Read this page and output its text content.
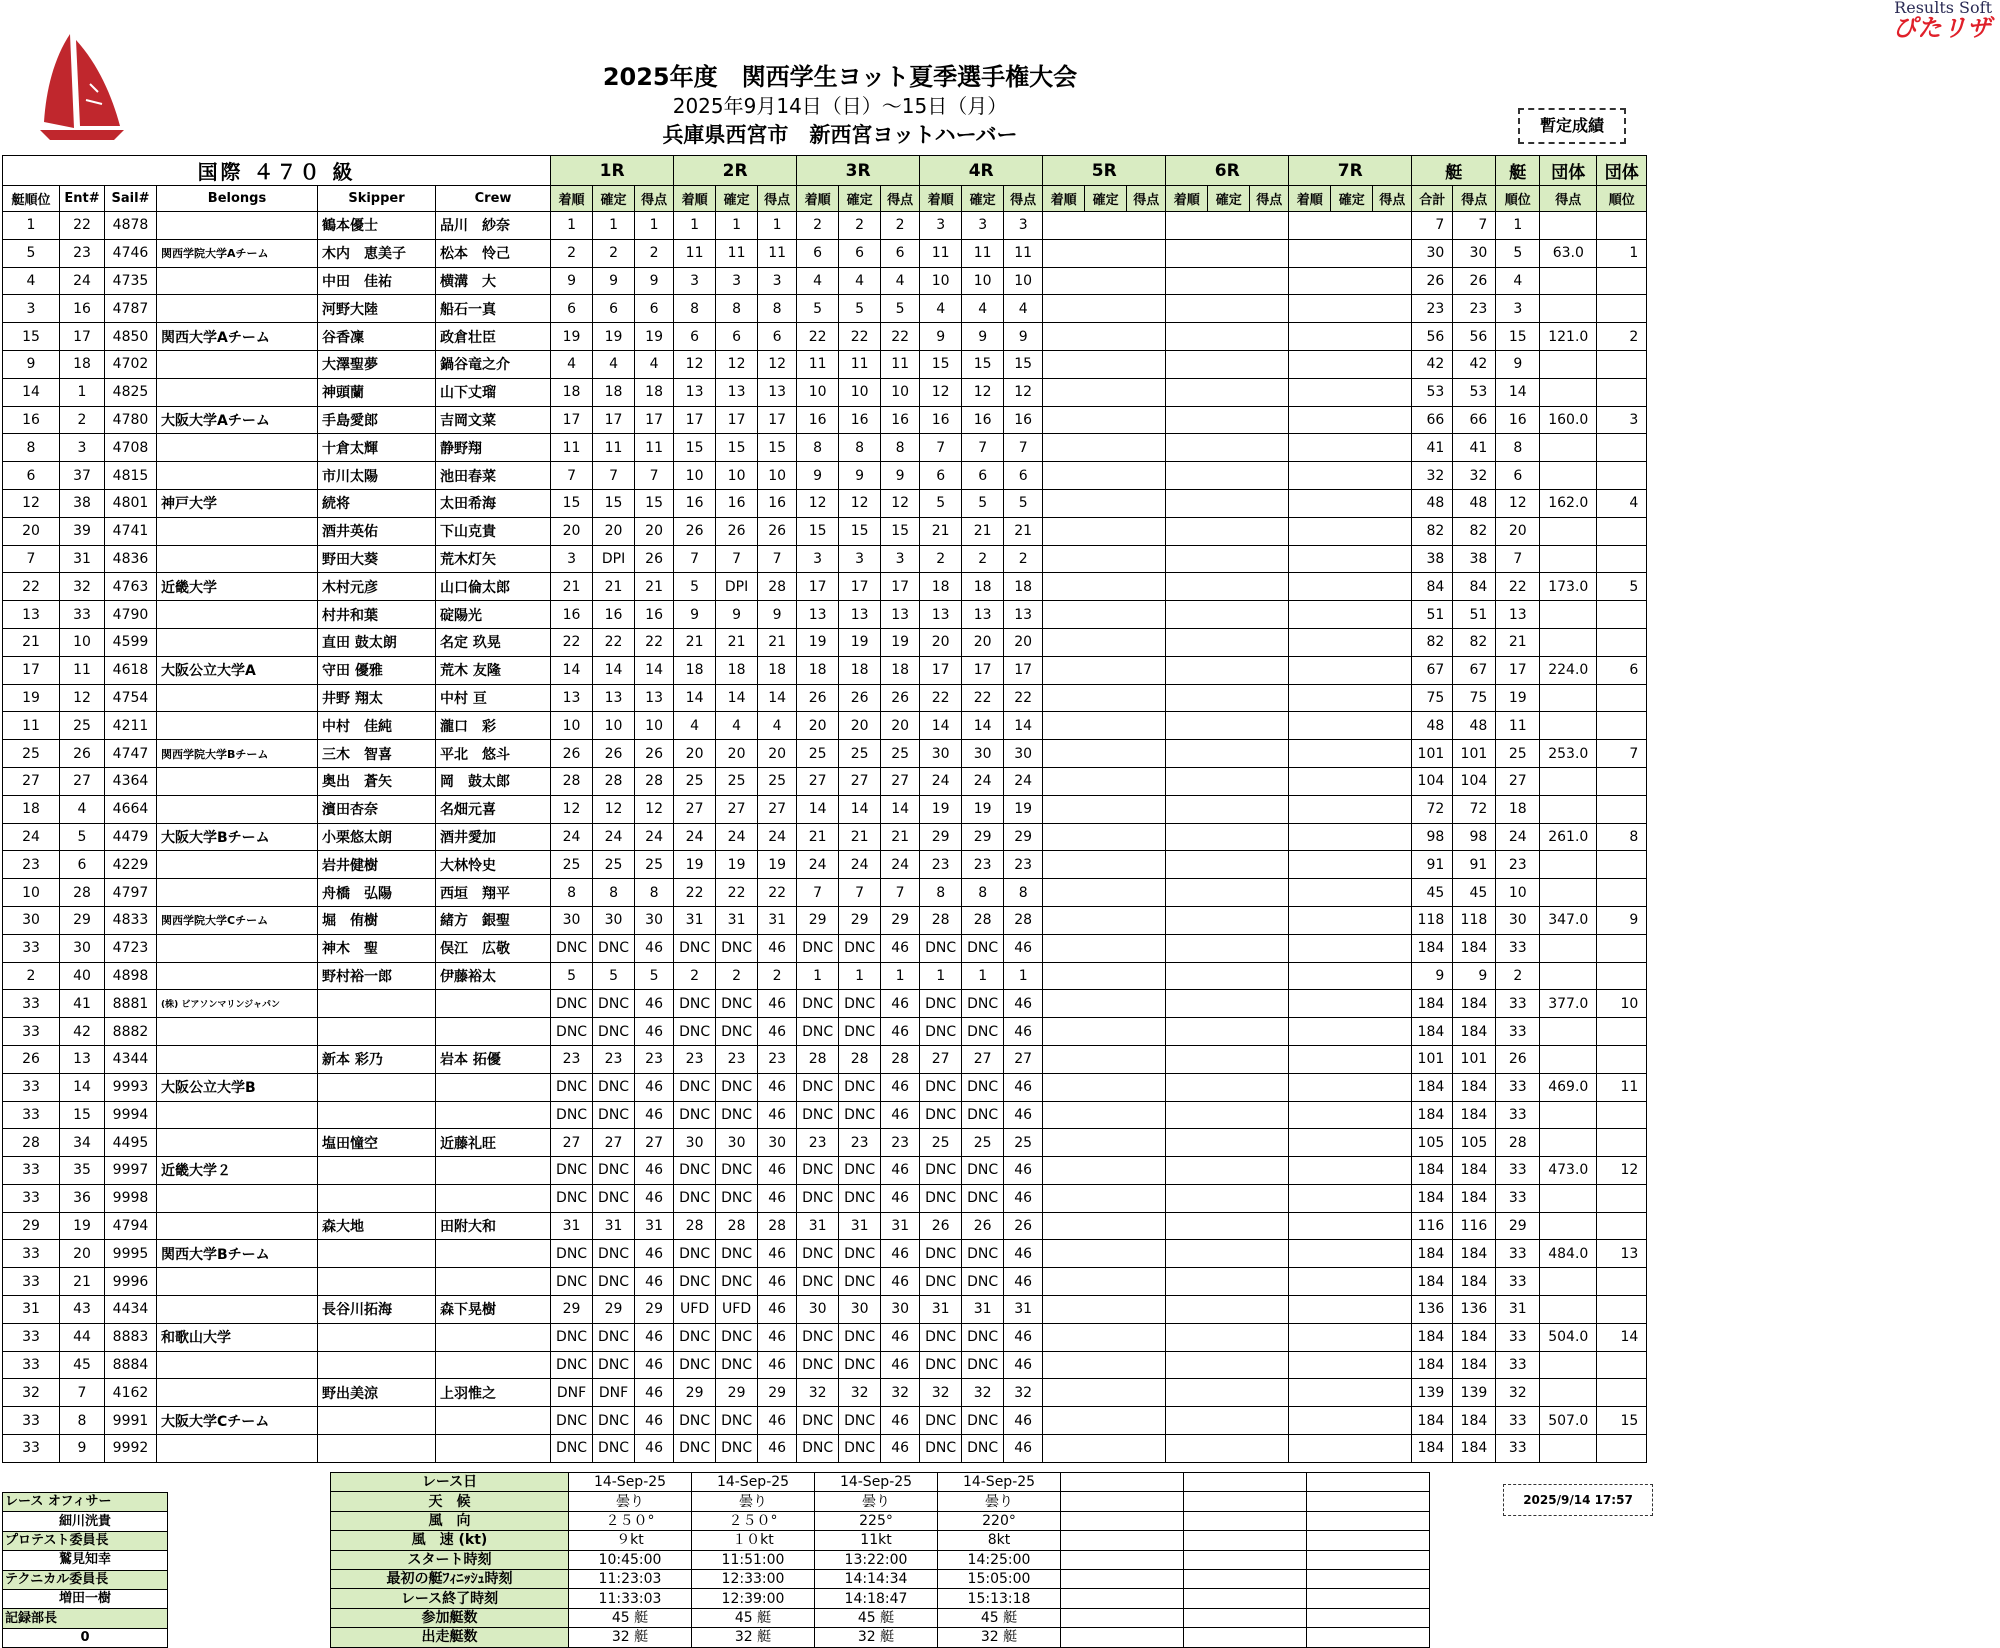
Results Soft
ぴたリザ
2025年度　関西学生ヨット夏季選手権大会
2025年9月14日（日）～15日（月）
兵庫県西宮市　新西宮ヨットハーバー	暫定成績
国際 ４７０ 級						1R			2R			3R			4R			5R			6R			7R			艇		艇	団体	団体
艇順位	Ent#	Sail#	Belongs	Skipper	Crew	着順	確定	得点	着順	確定	得点	着順	確定	得点	着順	確定	得点	着順	確定	得点	着順	確定	得点	着順	確定	得点	合計	得点	順位	得点	順位
1	22	4878		鶴本優士	品川　紗奈	1	1	1	1	1	1	2	2	2	3	3	3										7	7	1		
5	23	4746	関西学院大学Aチーム	木内　恵美子	松本　怜己	2	2	2	11	11	11	6	6	6	11	11	11										30	30	5	63.0	1
4	24	4735		中田　佳祐	横溝　大	9	9	9	3	3	3	4	4	4	10	10	10										26	26	4		
3	16	4787		河野大陸	船石一真	6	6	6	8	8	8	5	5	5	4	4	4										23	23	3		
15	17	4850	関西大学Aチーム	谷香凜	政倉壮臣	19	19	19	6	6	6	22	22	22	9	9	9										56	56	15	121.0	2
9	18	4702		大澤聖夢	鍋谷竜之介	4	4	4	12	12	12	11	11	11	15	15	15										42	42	9		
14	1	4825		神頭蘭	山下丈瑠	18	18	18	13	13	13	10	10	10	12	12	12										53	53	14		
16	2	4780	大阪大学Aチーム	手島愛郎	吉岡文菜	17	17	17	17	17	17	16	16	16	16	16	16										66	66	16	160.0	3
8	3	4708		十倉太輝	静野翔	11	11	11	15	15	15	8	8	8	7	7	7										41	41	8		
6	37	4815		市川太陽	池田春菜	7	7	7	10	10	10	9	9	9	6	6	6										32	32	6		
12	38	4801	神戸大学	続将	太田希海	15	15	15	16	16	16	12	12	12	5	5	5										48	48	12	162.0	4
20	39	4741		酒井英佑	下山克貴	20	20	20	26	26	26	15	15	15	21	21	21										82	82	20		
7	31	4836		野田大葵	荒木灯矢	3	DPI	26	7	7	7	3	3	3	2	2	2										38	38	7		
22	32	4763	近畿大学	木村元彦	山口倫太郎	21	21	21	5	DPI	28	17	17	17	18	18	18										84	84	22	173.0	5
13	33	4790		村井和葉	碇陽光	16	16	16	9	9	9	13	13	13	13	13	13										51	51	13		
21	10	4599		直田 鼓太朗	名定 玖晃	22	22	22	21	21	21	19	19	19	20	20	20										82	82	21		
17	11	4618	大阪公立大学A	守田 優雅	荒木 友隆	14	14	14	18	18	18	18	18	18	17	17	17										67	67	17	224.0	6
19	12	4754		井野 翔太	中村 亘	13	13	13	14	14	14	26	26	26	22	22	22										75	75	19		
11	25	4211		中村　佳純	瀧口　彩	10	10	10	4	4	4	20	20	20	14	14	14										48	48	11		
25	26	4747	関西学院大学Bチーム	三木　智喜	平北　悠斗	26	26	26	20	20	20	25	25	25	30	30	30										101	101	25	253.0	7
27	27	4364		奥出　蒼矢	岡　鼓太郎	28	28	28	25	25	25	27	27	27	24	24	24										104	104	27		
18	4	4664		濱田杏奈	名畑元喜	12	12	12	27	27	27	14	14	14	19	19	19										72	72	18		
24	5	4479	大阪大学Bチーム	小栗悠太朗	酒井愛加	24	24	24	24	24	24	21	21	21	29	29	29										98	98	24	261.0	8
23	6	4229		岩井健樹	大林怜史	25	25	25	19	19	19	24	24	24	23	23	23										91	91	23		
10	28	4797		舟橋　弘陽	西垣　翔平	8	8	8	22	22	22	7	7	7	8	8	8										45	45	10		
30	29	4833	関西学院大学Cチーム	堀　侑樹	緒方　銀聖	30	30	30	31	31	31	29	29	29	28	28	28										118	118	30	347.0	9
33	30	4723		神木　聖	俣江　広敬	DNC	DNC	46	DNC	DNC	46	DNC	DNC	46	DNC	DNC	46										184	184	33		
2	40	4898		野村裕一郎	伊藤裕太	5	5	5	2	2	2	1	1	1	1	1	1										9	9	2		
33	41	8881	(株) ビアソンマリンジャパン			DNC	DNC	46	DNC	DNC	46	DNC	DNC	46	DNC	DNC	46										184	184	33	377.0	10
33	42	8882				DNC	DNC	46	DNC	DNC	46	DNC	DNC	46	DNC	DNC	46										184	184	33		
26	13	4344		新本 彩乃	岩本 拓優	23	23	23	23	23	23	28	28	28	27	27	27										101	101	26		
33	14	9993	大阪公立大学B			DNC	DNC	46	DNC	DNC	46	DNC	DNC	46	DNC	DNC	46										184	184	33	469.0	11
33	15	9994				DNC	DNC	46	DNC	DNC	46	DNC	DNC	46	DNC	DNC	46										184	184	33		
28	34	4495		塩田憧空	近藤礼旺	27	27	27	30	30	30	23	23	23	25	25	25										105	105	28		
33	35	9997	近畿大学２			DNC	DNC	46	DNC	DNC	46	DNC	DNC	46	DNC	DNC	46										184	184	33	473.0	12
33	36	9998				DNC	DNC	46	DNC	DNC	46	DNC	DNC	46	DNC	DNC	46										184	184	33		
29	19	4794		森大地	田附大和	31	31	31	28	28	28	31	31	31	26	26	26										116	116	29		
33	20	9995	関西大学Bチーム			DNC	DNC	46	DNC	DNC	46	DNC	DNC	46	DNC	DNC	46										184	184	33	484.0	13
33	21	9996				DNC	DNC	46	DNC	DNC	46	DNC	DNC	46	DNC	DNC	46										184	184	33		
31	43	4434		長谷川拓海	森下晃樹	29	29	29	UFD	UFD	46	30	30	30	31	31	31										136	136	31		
33	44	8883	和歌山大学			DNC	DNC	46	DNC	DNC	46	DNC	DNC	46	DNC	DNC	46										184	184	33	504.0	14
33	45	8884				DNC	DNC	46	DNC	DNC	46	DNC	DNC	46	DNC	DNC	46										184	184	33		
32	7	4162		野出美涼	上羽惟之	DNF	DNF	46	29	29	29	32	32	32	32	32	32										139	139	32		
33	8	9991	大阪大学Cチーム			DNC	DNC	46	DNC	DNC	46	DNC	DNC	46	DNC	DNC	46										184	184	33	507.0	15
33	9	9992				DNC	DNC	46	DNC	DNC	46	DNC	DNC	46	DNC	DNC	46										184	184	33		
レース オフィサー
細川洸貴
プロテスト委員長
鷲見知幸
テクニカル委員長
増田一樹
記録部長
0
レース日	14-Sep-25	14-Sep-25	14-Sep-25	14-Sep-25			
天　候	曇り	曇り	曇り	曇り			
風　向	２５０°	２５０°	225°	220°			
風　速 (kt)	９kt	１０kt	11kt	8kt			
スタート時刻	10:45:00	11:51:00	13:22:00	14:25:00			
最初の艇ﾌｨﾆｯｼｭ時刻	11:23:03	12:33:00	14:14:34	15:05:00			
レース終了時刻	11:33:03	12:39:00	14:18:47	15:13:18			
参加艇数	45 艇	45 艇	45 艇	45 艇			
出走艇数	32 艇	32 艇	32 艇	32 艇			
2025/9/14 17:57
